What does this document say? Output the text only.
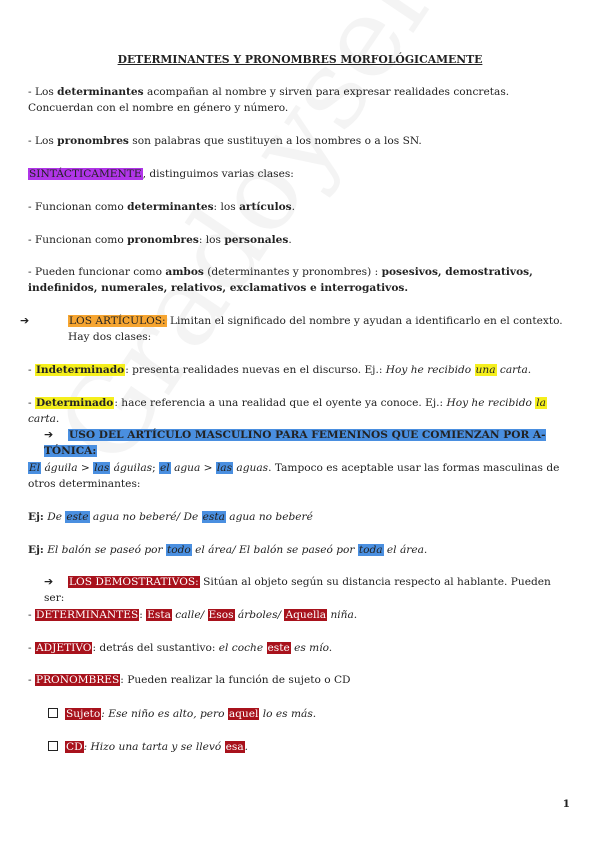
DETERMINANTES Y PRONOMBRES MORFOLÓGICAMENTE

- Los determinantes acompañan al nombre y sirven para expresar realidades concretas. Concuerdan con el nombre en género y número.

- Los pronombres son palabras que sustituyen a los nombres o a los SN.

SINTÁCTICAMENTE, distinguimos varias clases:

- Funcionan como determinantes: los artículos.

- Funcionan como pronombres: los personales.

- Pueden funcionar como ambos (determinantes y pronombres) : posesivos, demostrativos, indefinidos, numerales, relativos, exclamativos e interrogativos.

➔	LOS ARTÍCULOS: Limitan el significado del nombre y ayudan a identificarlo en el contexto. Hay dos clases:

- Indeterminado: presenta realidades nuevas en el discurso. Ej.: Hoy he recibido una carta.

- Determinado: hace referencia a una realidad que el oyente ya conoce. Ej.: Hoy he recibido la carta.

➔ USO DEL ARTÍCULO MASCULINO PARA FEMENINOS QUE COMIENZAN POR A- TÓNICA:

El águila > las águilas; el agua > las aguas. Tampoco es aceptable usar las formas masculinas de otros determinantes:

Ej: De este agua no beberé/ De esta agua no beberé

Ej: El balón se paseó por todo el área/ El balón se paseó por toda el área.

➔ LOS DEMOSTRATIVOS: Sitúan al objeto según su distancia respecto al hablante. Pueden ser:

- DETERMINANTES: Esta calle/ Esos árboles/ Aquella niña.

- ADJETIVO: detrás del sustantivo: el coche este es mío.

- PRONOMBRES: Pueden realizar la función de sujeto o CD

Sujeto: Ese niño es alto, pero aquel lo es más.

CD: Hizo una tarta y se llevó esa.

1
